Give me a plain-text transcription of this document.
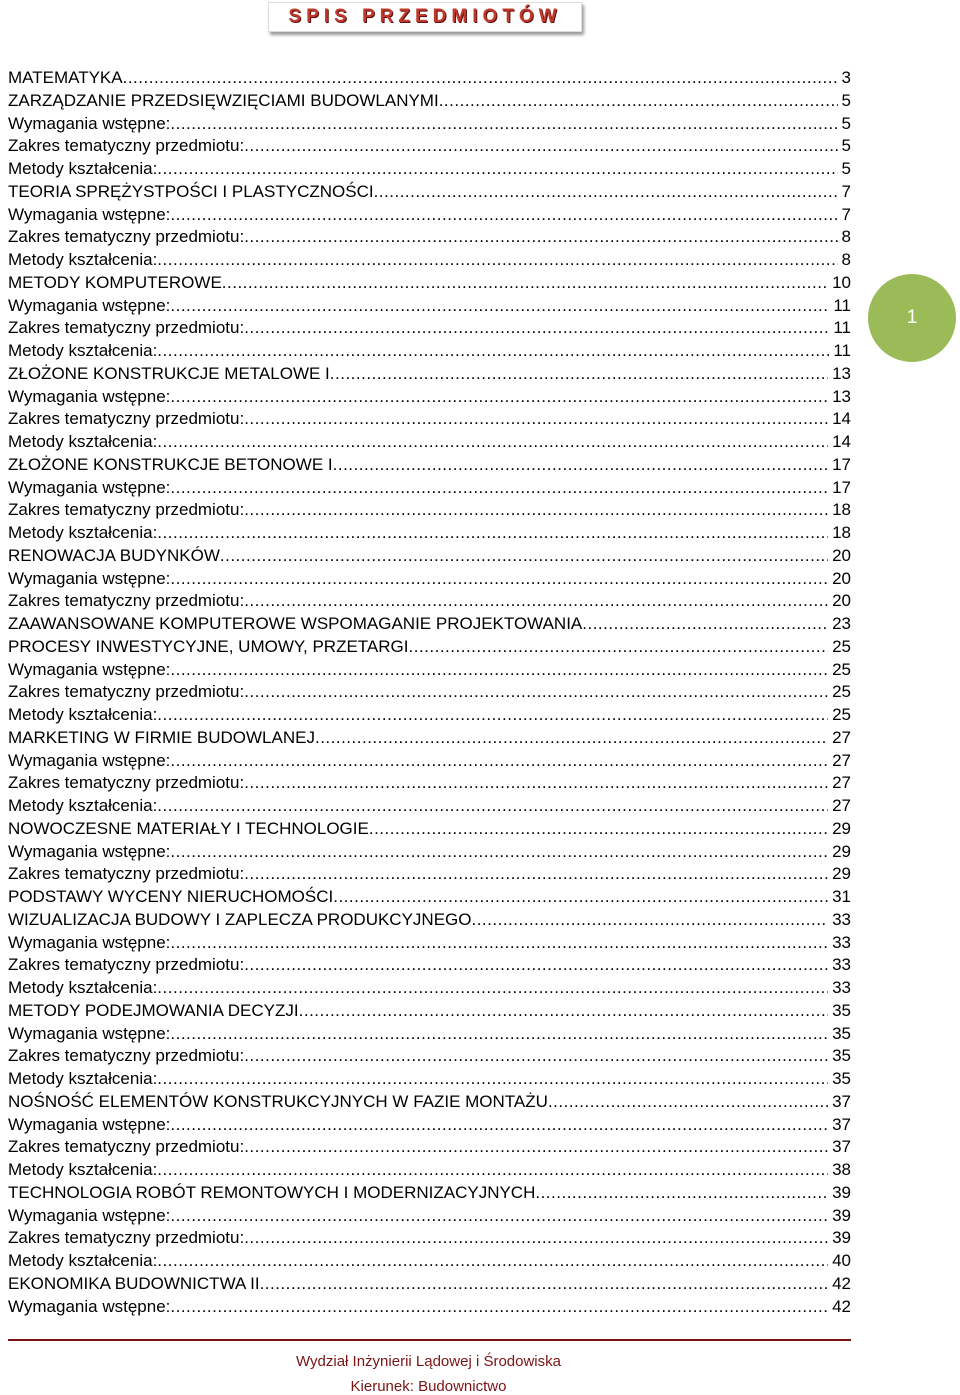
SPIS PRZEDMIOTÓW
MATEMATYKA .....	3
ZARZĄDZANIE PRZEDSIĘWZIĘCIAMI BUDOWLANYMI .....	5
Wymagania wstępne: .....	5
Zakres tematyczny przedmiotu: .....	5
Metody kształcenia: .....	5
TEORIA SPRĘŻYSTPOŚCI I PLASTYCZNOŚCI .....	7
Wymagania wstępne: .....	7
Zakres tematyczny przedmiotu: .....	8
Metody kształcenia: .....	8
METODY KOMPUTEROWE .....	10
Wymagania wstępne: .....	11
Zakres tematyczny przedmiotu: .....	11
Metody kształcenia: .....	11
ZŁOŻONE KONSTRUKCJE METALOWE I .....	13
Wymagania wstępne: .....	13
Zakres tematyczny przedmiotu: .....	14
Metody kształcenia: .....	14
ZŁOŻONE KONSTRUKCJE BETONOWE I .....	17
Wymagania wstępne: .....	17
Zakres tematyczny przedmiotu: .....	18
Metody kształcenia: .....	18
RENOWACJA BUDYNKÓW .....	20
Wymagania wstępne: .....	20
Zakres tematyczny przedmiotu: .....	20
ZAAWANSOWANE KOMPUTEROWE WSPOMAGANIE PROJEKTOWANIA .....	23
PROCESY INWESTYCYJNE, UMOWY, PRZETARGI .....	25
Wymagania wstępne: .....	25
Zakres tematyczny przedmiotu: .....	25
Metody kształcenia: .....	25
MARKETING W FIRMIE BUDOWLANEJ .....	27
Wymagania wstępne: .....	27
Zakres tematyczny przedmiotu: .....	27
Metody kształcenia: .....	27
NOWOCZESNE MATERIAŁY I TECHNOLOGIE .....	29
Wymagania wstępne: .....	29
Zakres tematyczny przedmiotu: .....	29
PODSTAWY WYCENY NIERUCHOMOŚCI .....	31
WIZUALIZACJA BUDOWY I ZAPLECZA PRODUKCYJNEGO .....	33
Wymagania wstępne: .....	33
Zakres tematyczny przedmiotu: .....	33
Metody kształcenia: .....	33
METODY PODEJMOWANIA DECYZJI .....	35
Wymagania wstępne: .....	35
Zakres tematyczny przedmiotu: .....	35
Metody kształcenia: .....	35
NOŚNOŚĆ ELEMENTÓW KONSTRUKCYJNYCH W FAZIE MONTAŻU .....	37
Wymagania wstępne: .....	37
Zakres tematyczny przedmiotu: .....	37
Metody kształcenia: .....	38
TECHNOLOGIA ROBÓT REMONTOWYCH I MODERNIZACYJNYCH .....	39
Wymagania wstępne: .....	39
Zakres tematyczny przedmiotu: .....	39
Metody kształcenia: .....	40
EKONOMIKA BUDOWNICTWA II .....	42
Wymagania wstępne: .....	42
1
Wydział Inżynierii Lądowej i Środowiska
Kierunek: Budownictwo
